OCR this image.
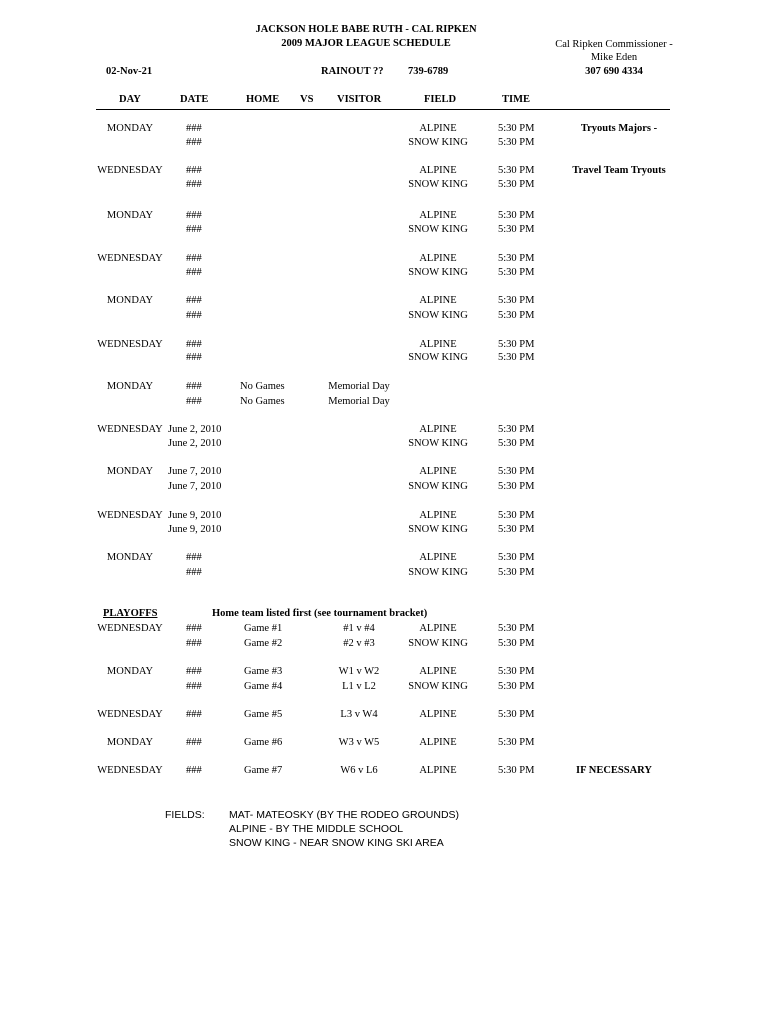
JACKSON HOLE BABE RUTH - CAL RIPKEN
2009 MAJOR LEAGUE SCHEDULE	Cal Ripken Commissioner -
Mike Eden
307 690 4334
02-Nov-21	RAINOUT ?? 739-6789
DAY	DATE	HOME VS VISITOR	FIELD	TIME
MONDAY	###	ALPINE	5:30 PM	Tryouts Majors -
###	SNOW KING	5:30 PM
WEDNESDAY ###	ALPINE	5:30 PM	Travel Team Tryouts
###	SNOW KING	5:30 PM
MONDAY	###	ALPINE	5:30 PM
###	SNOW KING	5:30 PM
WEDNESDAY ###	ALPINE	5:30 PM
###	SNOW KING	5:30 PM
MONDAY	###	ALPINE	5:30 PM
###	SNOW KING	5:30 PM
WEDNESDAY ###	ALPINE	5:30 PM
###	SNOW KING	5:30 PM
MONDAY	###	No Games	Memorial Day
###	No Games	Memorial Day
WEDNESDAY June 2, 2010	ALPINE	5:30 PM
June 2, 2010	SNOW KING	5:30 PM
MONDAY June 7, 2010	ALPINE	5:30 PM
June 7, 2010	SNOW KING	5:30 PM
WEDNESDAY June 9, 2010	ALPINE	5:30 PM
June 9, 2010	SNOW KING	5:30 PM
MONDAY	###	ALPINE	5:30 PM
###	SNOW KING	5:30 PM
PLAYOFFS	Home team listed first (see tournament bracket)
WEDNESDAY ###	Game #1	#1 v #4	ALPINE	5:30 PM
###	Game #2	#2 v #3	SNOW KING	5:30 PM
MONDAY	###	Game #3	W1 v W2	ALPINE	5:30 PM
###	Game #4	L1 v L2	SNOW KING	5:30 PM
WEDNESDAY ###	Game #5	L3 v W4	ALPINE	5:30 PM
MONDAY	###	Game #6	W3 v W5	ALPINE	5:30 PM
WEDNESDAY ###	Game #7	W6 v L6	ALPINE	5:30 PM	IF NECESSARY
FIELDS: MAT- MATEOSKY (BY THE RODEO GROUNDS)
ALPINE - BY THE MIDDLE SCHOOL
SNOW KING - NEAR SNOW KING SKI AREA
